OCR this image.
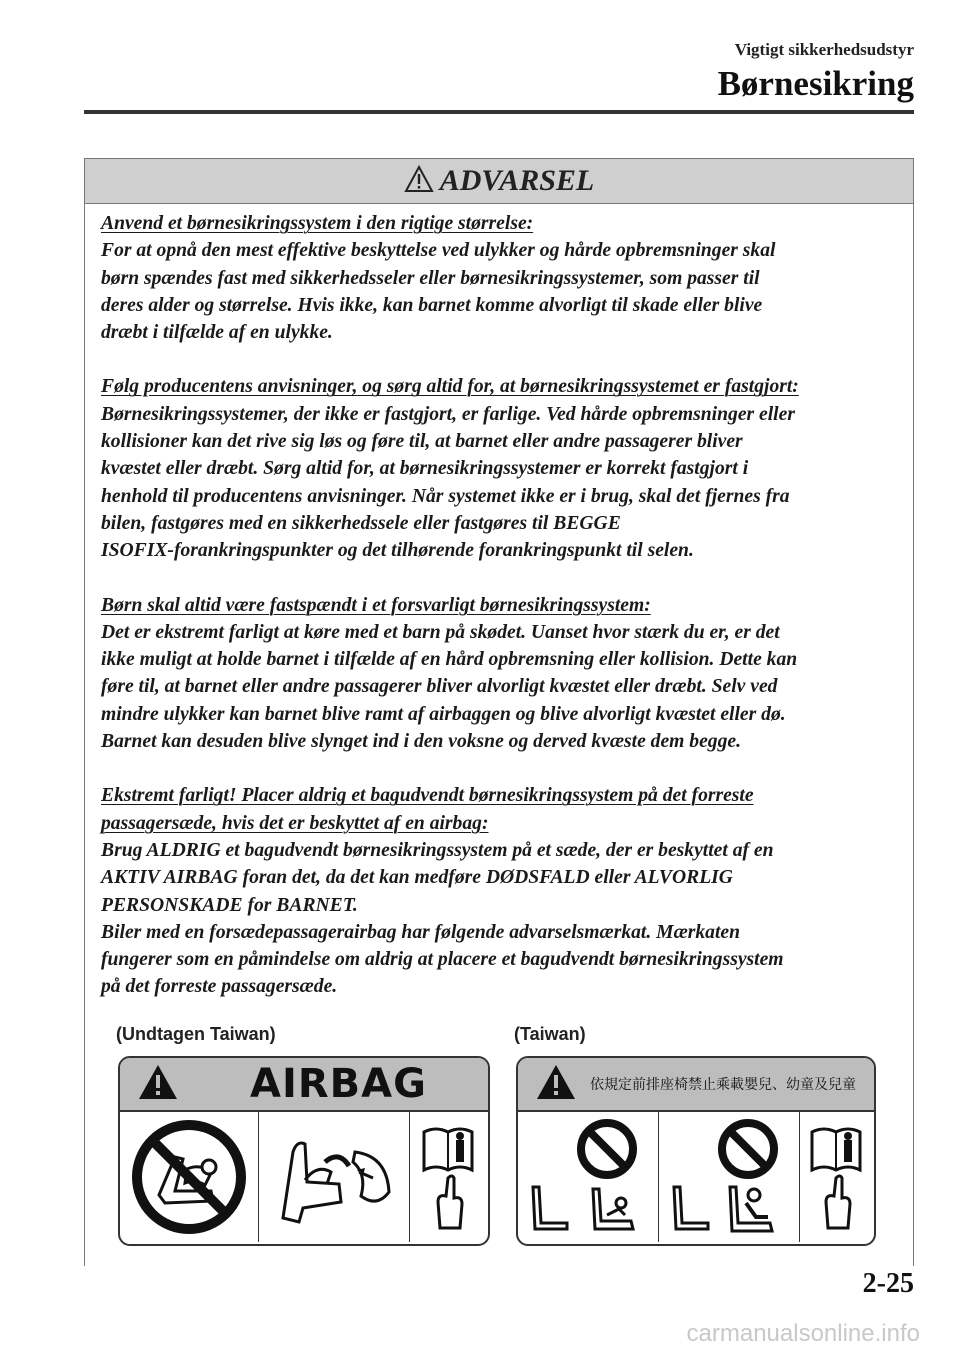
Vigtigt sikkerhedsudstyr
Børnesikring
ADVARSEL
Anvend et børnesikringssystem i den rigtige størrelse:
For at opnå den mest effektive beskyttelse ved ulykker og hårde opbremsninger skal
børn spændes fast med sikkerhedsseler eller børnesikringssystemer, som passer til
deres alder og størrelse. Hvis ikke, kan barnet komme alvorligt til skade eller blive
dræbt i tilfælde af en ulykke.
Følg producentens anvisninger, og sørg altid for, at børnesikringssystemet er fastgjort:
Børnesikringssystemer, der ikke er fastgjort, er farlige. Ved hårde opbremsninger eller
kollisioner kan det rive sig løs og føre til, at barnet eller andre passagerer bliver
kvæstet eller dræbt. Sørg altid for, at børnesikringssystemer er korrekt fastgjort i
henhold til producentens anvisninger. Når systemet ikke er i brug, skal det fjernes fra
bilen, fastgøres med en sikkerhedssele eller fastgøres til BEGGE
ISOFIX-forankringspunkter og det tilhørende forankringspunkt til selen.
Børn skal altid være fastspændt i et forsvarligt børnesikringssystem:
Det er ekstremt farligt at køre med et barn på skødet. Uanset hvor stærk du er, er det
ikke muligt at holde barnet i tilfælde af en hård opbremsning eller kollision. Dette kan
føre til, at barnet eller andre passagerer bliver alvorligt kvæstet eller dræbt. Selv ved
mindre ulykker kan barnet blive ramt af airbaggen og blive alvorligt kvæstet eller dø.
Barnet kan desuden blive slynget ind i den voksne og derved kvæste dem begge.
Ekstremt farligt! Placer aldrig et bagudvendt børnesikringssystem på det forreste
passagersæde, hvis det er beskyttet af en airbag:
Brug ALDRIG et bagudvendt børnesikringssystem på et sæde, der er beskyttet af en
AKTIV AIRBAG foran det, da det kan medføre DØDSFALD eller ALVORLIG
PERSONSKADE for BARNET.
Biler med en forsædepassagerairbag har følgende advarselsmærkat. Mærkaten
fungerer som en påmindelse om aldrig at placere et bagudvendt børnesikringssystem
på det forreste passagersæde.
(Undtagen Taiwan)	(Taiwan)
AIRBAG	依規定前排座椅禁止乘載嬰兒、幼童及兒童
2-25
carmanualsonline.info
